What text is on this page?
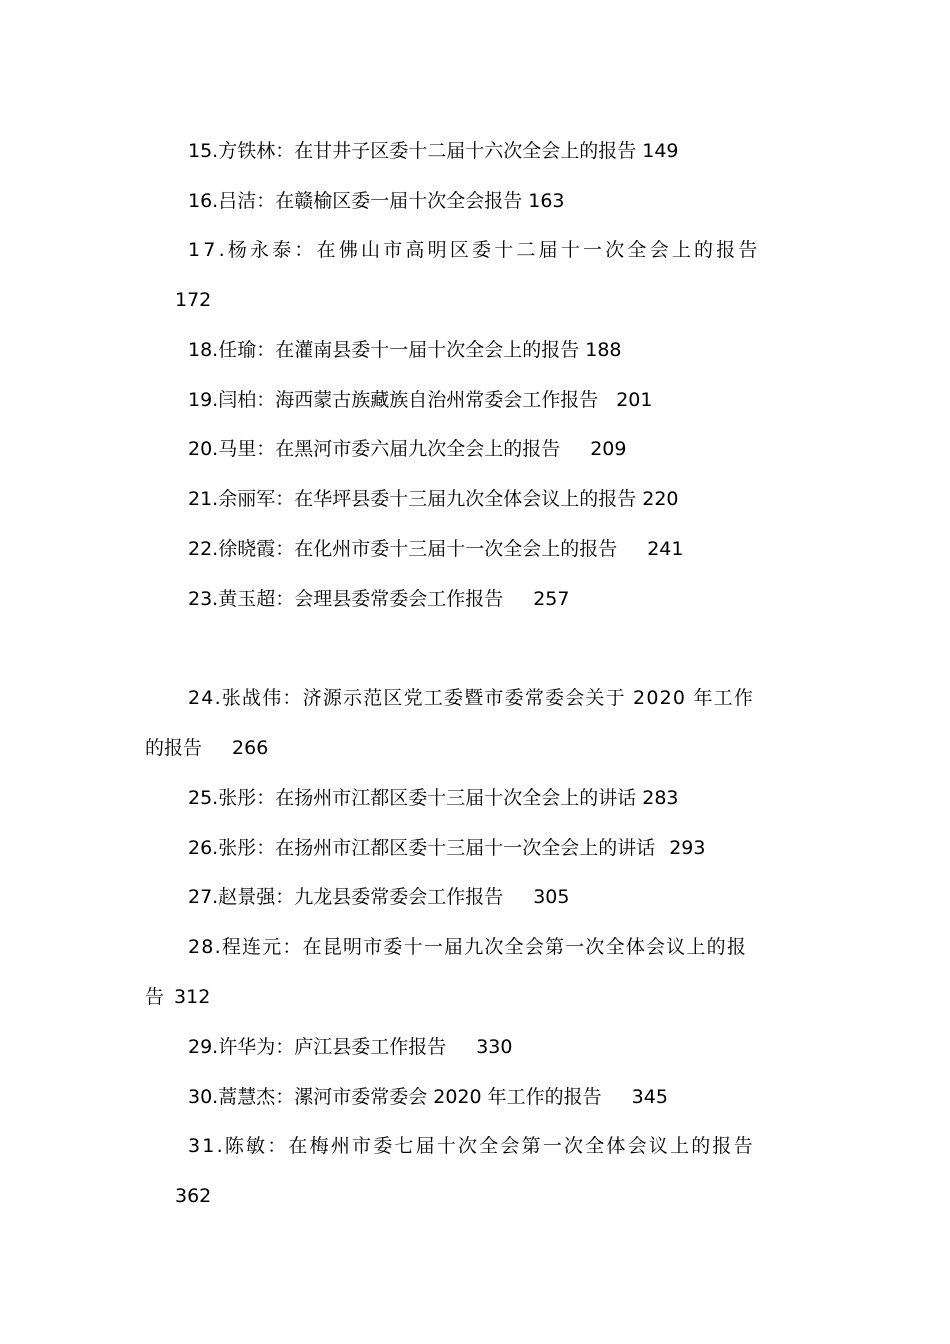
15.方铁林：在甘井子区委十二届十六次全会上的报告 149
16.吕洁：在赣榆区委一届十次全会报告 163
17.杨永泰：在佛山市高明区委十二届十一次全会上的报告
172
18.任瑜：在灌南县委十一届十次全会上的报告 188
19.闫柏：海西蒙古族藏族自治州常委会工作报告 201
20.马里：在黑河市委六届九次全会上的报告 209
21.余丽军：在华坪县委十三届九次全体会议上的报告 220
22.徐晓霞：在化州市委十三届十一次全会上的报告 241
23.黄玉超：会理县委常委会工作报告 257
24.张战伟：济源示范区党工委暨市委常委会关于 2020 年工作
的报告 266
25.张彤：在扬州市江都区委十三届十次全会上的讲话 283
26.张彤：在扬州市江都区委十三届十一次全会上的讲话 293
27.赵景强：九龙县委常委会工作报告 305
28.程连元：在昆明市委十一届九次全会第一次全体会议上的报
告 312
29.许华为：庐江县委工作报告 330
30.蒿慧杰：漯河市委常委会 2020 年工作的报告 345
31.陈敏：在梅州市委七届十次全会第一次全体会议上的报告
362
